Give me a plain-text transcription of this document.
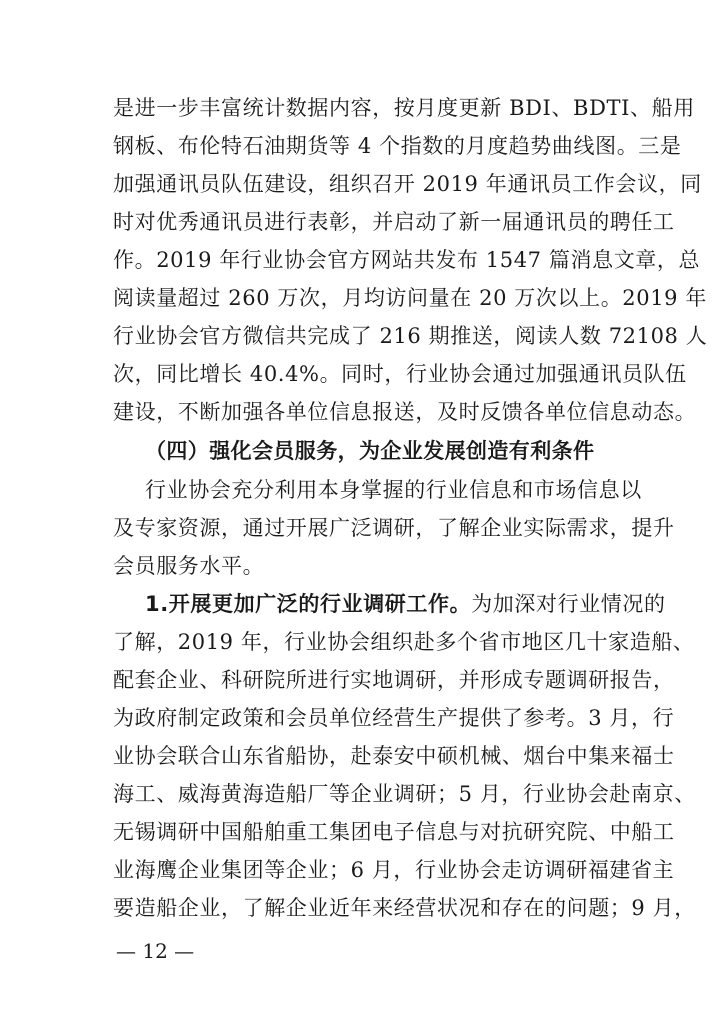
是进一步丰富统计数据内容，按月度更新 BDI、BDTI、船用
钢板、布伦特石油期货等 4 个指数的月度趋势曲线图。三是
加强通讯员队伍建设，组织召开 2019 年通讯员工作会议，同
时对优秀通讯员进行表彰，并启动了新一届通讯员的聘任工
作。2019 年行业协会官方网站共发布 1547 篇消息文章，总
阅读量超过 260 万次，月均访问量在 20 万次以上。2019 年
行业协会官方微信共完成了 216 期推送，阅读人数 72108 人
次，同比增长 40.4%。同时，行业协会通过加强通讯员队伍
建设，不断加强各单位信息报送，及时反馈各单位信息动态。
（四）强化会员服务，为企业发展创造有利条件
行业协会充分利用本身掌握的行业信息和市场信息以
及专家资源，通过开展广泛调研，了解企业实际需求，提升
会员服务水平。
1.开展更加广泛的行业调研工作。为加深对行业情况的
了解，2019 年，行业协会组织赴多个省市地区几十家造船、
配套企业、科研院所进行实地调研，并形成专题调研报告，
为政府制定政策和会员单位经营生产提供了参考。3 月，行
业协会联合山东省船协，赴泰安中硕机械、烟台中集来福士
海工、威海黄海造船厂等企业调研；5 月，行业协会赴南京、
无锡调研中国船舶重工集团电子信息与对抗研究院、中船工
业海鹰企业集团等企业；6 月，行业协会走访调研福建省主
要造船企业，了解企业近年来经营状况和存在的问题；9 月，
— 12 —
